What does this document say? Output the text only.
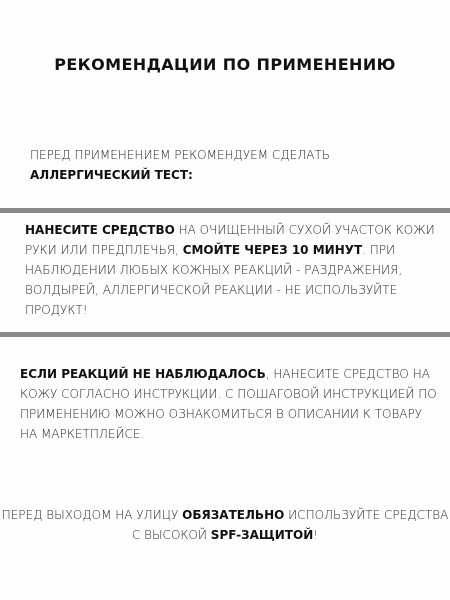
РЕКОМЕНДАЦИИ ПО ПРИМЕНЕНИЮ

ПЕРЕД ПРИМЕНЕНИЕМ РЕКОМЕНДУЕМ СДЕЛАТЬ АЛЛЕРГИЧЕСКИЙ ТЕСТ:

НАНЕСИТЕ СРЕДСТВО НА ОЧИЩЕННЫЙ СУХОЙ УЧАСТОК КОЖИ РУКИ ИЛИ ПРЕДПЛЕЧЬЯ, СМОЙТЕ ЧЕРЕЗ 10 МИНУТ. ПРИ НАБЛЮДЕНИИ ЛЮБЫХ КОЖНЫХ РЕАКЦИЙ - РАЗДРАЖЕНИЯ, ВОЛДЫРЕЙ, АЛЛЕРГИЧЕСКОЙ РЕАКЦИИ - НЕ ИСПОЛЬЗУЙТЕ ПРОДУКТ!

ЕСЛИ РЕАКЦИЙ НЕ НАБЛЮДАЛОСЬ, НАНЕСИТЕ СРЕДСТВО НА КОЖУ СОГЛАСНО ИНСТРУКЦИИ. С ПОШАГОВОЙ ИНСТРУКЦИЕЙ ПО ПРИМЕНЕНИЮ МОЖНО ОЗНАКОМИТЬСЯ В ОПИСАНИИ К ТОВАРУ НА МАРКЕТПЛЕЙСЕ.

ПЕРЕД ВЫХОДОМ НА УЛИЦУ ОБЯЗАТЕЛЬНО ИСПОЛЬЗУЙТЕ СРЕДСТВА С ВЫСОКОЙ SPF-ЗАЩИТОЙ!
